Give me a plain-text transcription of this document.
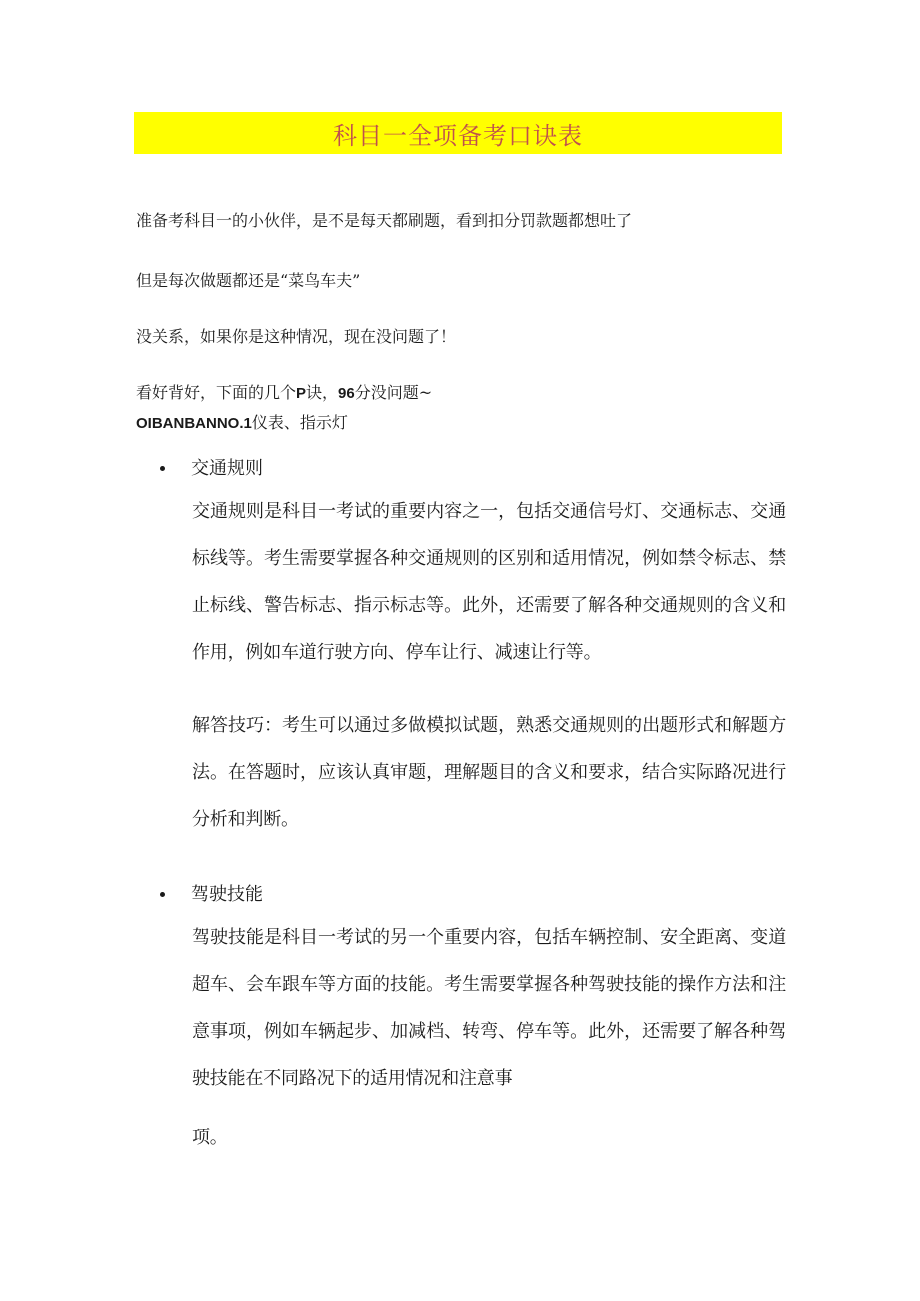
科目一全项备考口诀表
准备考科目一的小伙伴，是不是每天都刷题，看到扣分罚款题都想吐了
但是每次做题都还是“菜鸟车夫”
没关系，如果你是这种情况，现在没问题了！
看好背好，下面的几个P诀，96分没问题~
OIBANBANNO.1仪表、指示灯
交通规则
交通规则是科目一考试的重要内容之一，包括交通信号灯、交通标志、交通标线等。考生需要掌握各种交通规则的区别和适用情况，例如禁令标志、禁止标线、警告标志、指示标志等。此外，还需要了解各种交通规则的含义和作用，例如车道行驶方向、停车让行、减速让行等。
解答技巧：考生可以通过多做模拟试题，熟悉交通规则的出题形式和解题方法。在答题时，应该认真审题，理解题目的含义和要求，结合实际路况进行分析和判断。
驾驶技能
驾驶技能是科目一考试的另一个重要内容，包括车辆控制、安全距离、变道超车、会车跟车等方面的技能。考生需要掌握各种驾驶技能的操作方法和注意事项，例如车辆起步、加减档、转弯、停车等。此外，还需要了解各种驾驶技能在不同路况下的适用情况和注意事
项。
